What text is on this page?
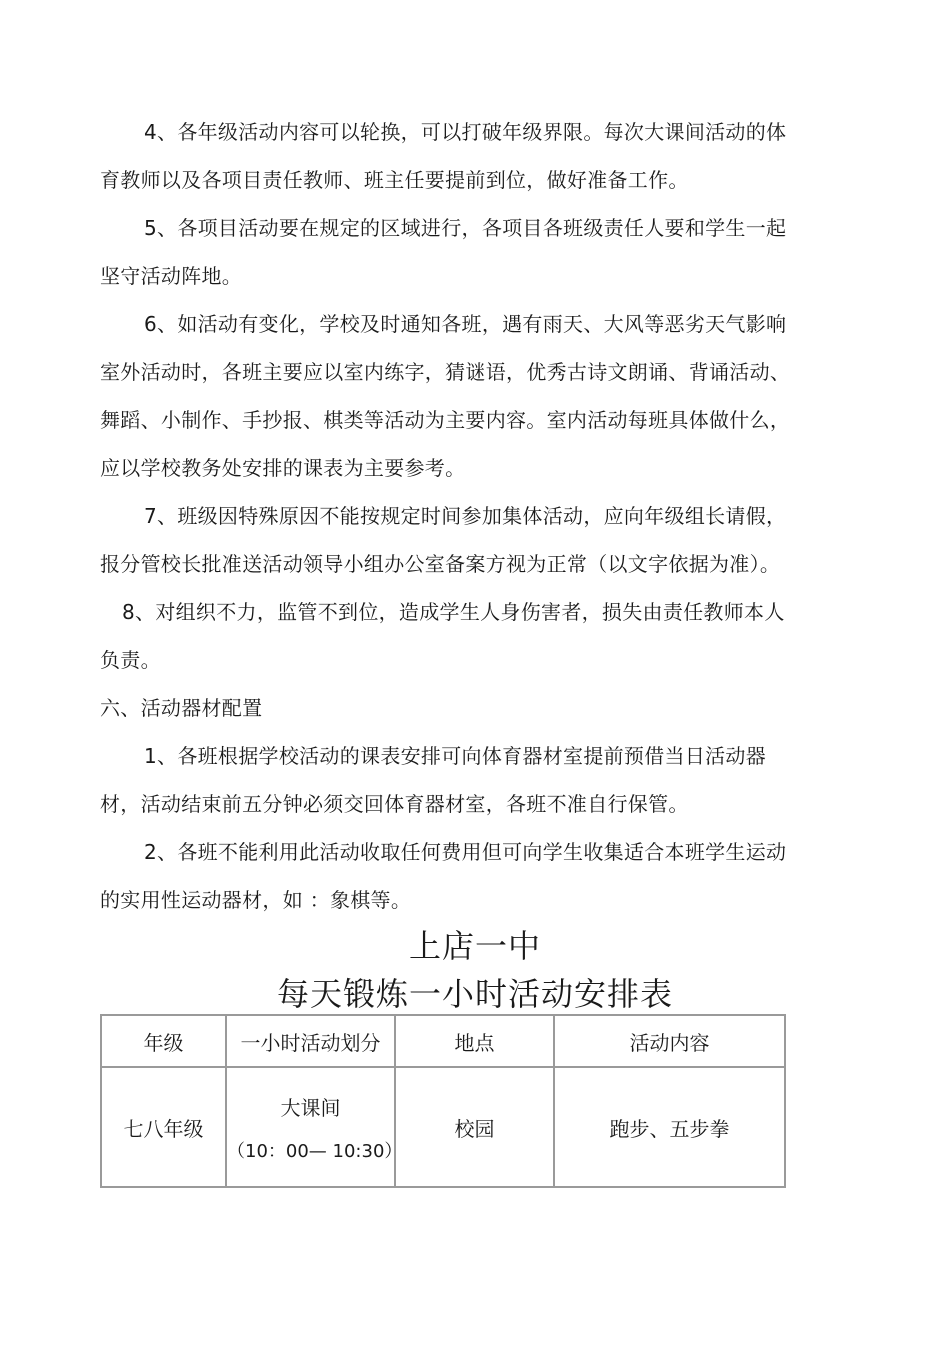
4、各年级活动内容可以轮换，可以打破年级界限。每次大课间活动的体
育教师以及各项目责任教师、班主任要提前到位，做好准备工作。
5、各项目活动要在规定的区域进行，各项目各班级责任人要和学生一起
坚守活动阵地。
6、如活动有变化，学校及时通知各班，遇有雨天、大风等恶劣天气影响
室外活动时，各班主要应以室内练字，猜谜语，优秀古诗文朗诵、背诵活动、
舞蹈、小制作、手抄报、棋类等活动为主要内容。室内活动每班具体做什么，
应以学校教务处安排的课表为主要参考。
7、班级因特殊原因不能按规定时间参加集体活动，应向年级组长请假，
报分管校长批准送活动领导小组办公室备案方视为正常（以文字依据为准）。
8、对组织不力，监管不到位，造成学生人身伤害者，损失由责任教师本人
负责。
六、活动器材配置
1、各班根据学校活动的课表安排可向体育器材室提前预借当日活动器
材，活动结束前五分钟必须交回体育器材室，各班不准自行保管。
2、各班不能利用此活动收取任何费用但可向学生收集适合本班学生运动
的实用性运动器材，如 ：象棋等。
上店一中
每天锻炼一小时活动安排表
年级	一小时活动划分	地点	活动内容
七八年级	大课间
（10：00— 10:30）	校园	跑步、五步拳
